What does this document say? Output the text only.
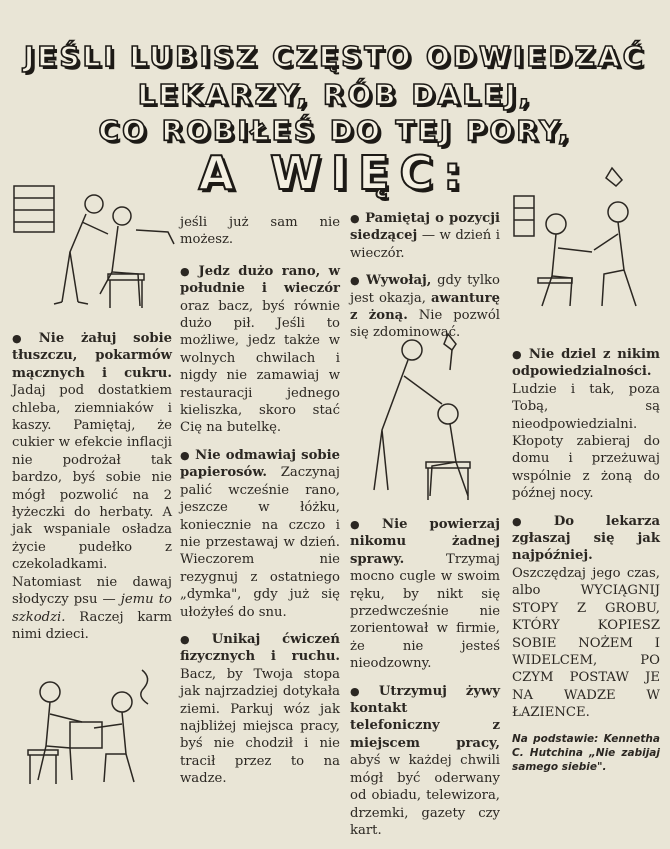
JEŚLI LUBISZ CZĘSTO ODWIEDZAĆ
LEKARZY, RÓB DALEJ,
CO ROBIŁEŚ DO TEJ PORY,
A WIĘC:

● Nie żałuj sobie tłuszczu, pokarmów mącznych i cukru. Jadaj pod dostatkiem chleba, ziemniaków i kaszy. Pamiętaj, że cukier w efekcie inflacji nie podrożał tak bardzo, byś sobie nie mógł pozwolić na 2 łyżeczki do herbaty. A jak wspaniale osładza życie pudełko z czekoladkami. Natomiast nie dawaj słodyczy psu — jemu to szkodzi. Raczej karm nimi dzieci.

jeśli już sam nie możesz.

● Jedz dużo rano, w południe i wieczór oraz bacz, byś równie dużo pił. Jeśli to możliwe, jedz także w wolnych chwilach i nigdy nie zamawiaj w restauracji jednego kieliszka, skoro stać Cię na butelkę.

● Nie odmawiaj sobie papierosów. Zaczynaj palić wcześnie rano, jeszcze w łóżku, koniecznie na czczo i nie przestawaj w dzień. Wieczorem nie rezygnuj z ostatniego „dymka", gdy już się ułożyłeś do snu.

● Unikaj ćwiczeń fizycznych i ruchu. Bacz, by Twoja stopa jak najrzadziej dotykała ziemi. Parkuj wóz jak najbliżej miejsca pracy, byś nie chodził i nie tracił przez to na wadze.

● Pamiętaj o pozycji siedzącej — w dzień i wieczór.

● Wywołaj, gdy tylko jest okazja, awanturę z żoną. Nie pozwól się zdominować.

● Nie powierzaj nikomu żadnej sprawy.	Trzymaj mocno cugle w swoim ręku, by nikt się przedwcześnie nie zorientował w firmie, że nie jesteś nieodzowny.

● Utrzymuj żywy kontakt telefoniczny z miejscem pracy, abyś w każdej chwili mógł być oderwany od obiadu, telewizora, drzemki, gazety czy kart.

● Nie dziel z nikim odpowiedzialności. Ludzie i tak, poza Tobą, są nieodpowiedzialni. Kłopoty zabieraj do domu i przeżuwaj wspólnie z żoną do późnej nocy.

● Do lekarza zgłaszaj się jak najpóźniej. Oszczędzaj jego czas, albo WYCIĄGNIJ STOPY Z GROBU, KTÓRY KOPIESZ SOBIE NOŻEM I WIDELCEM, PO CZYM POSTAW JE NA WADZE W ŁAZIENCE.

Na podstawie: Kennetha C. Hutchina „Nie zabijaj samego siebie".
